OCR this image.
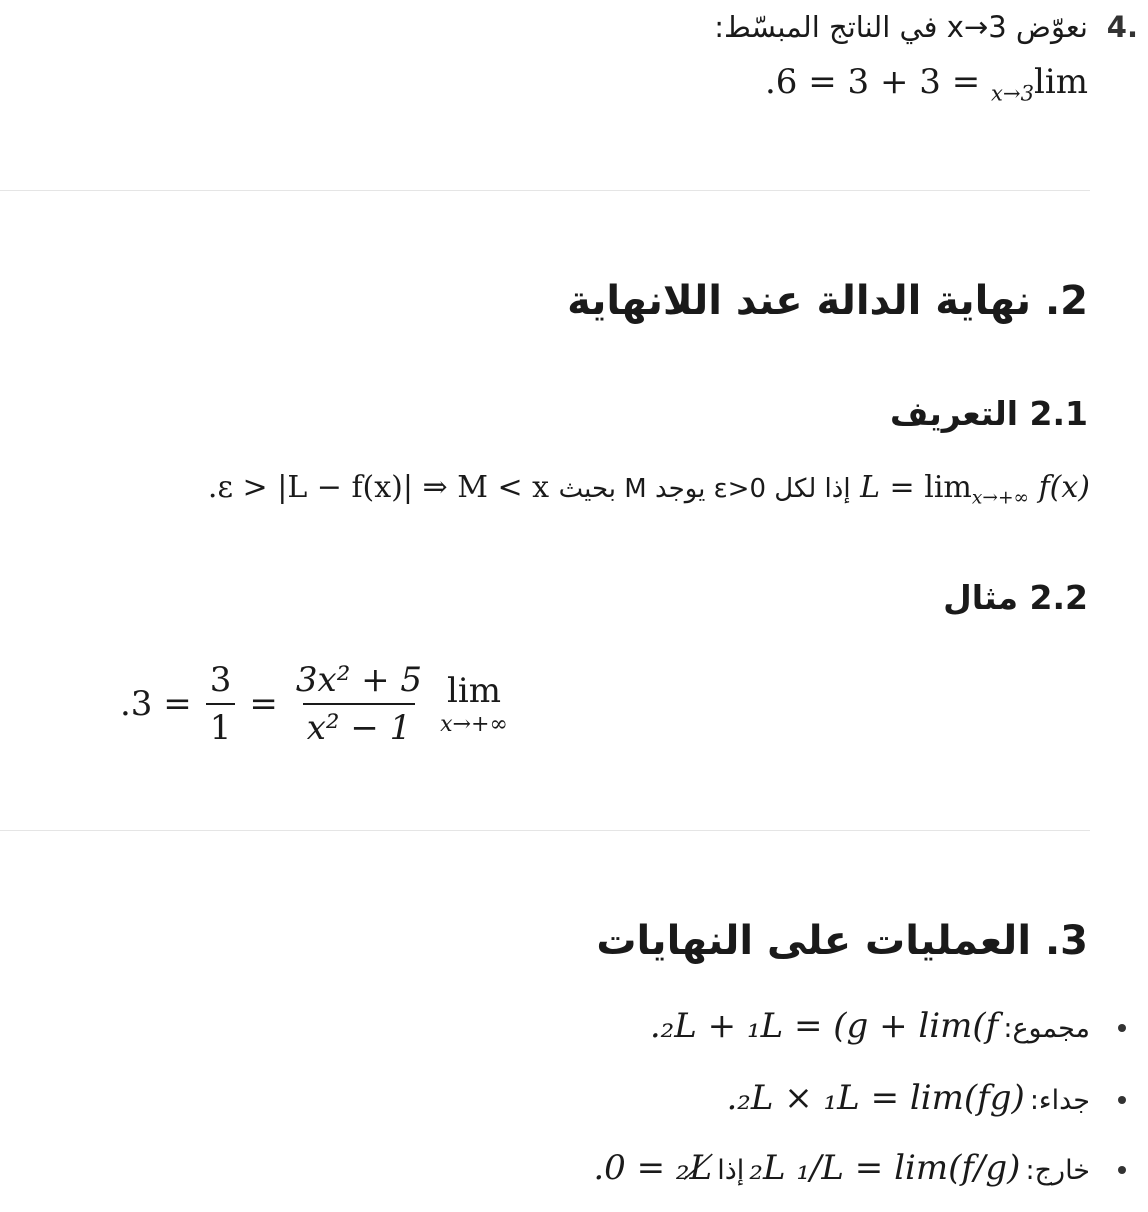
.4
نعوّض x→3 في الناتج المبسّط:
.6 = 3 + 3 = $_{x\to 3}$lim
2. نهاية الدالة عند اللانهاية
2.1 التعريف
f(x) $L = \lim_{x\to+\infty}$ إذا لكل ε>0 يوجد M بحيث .ε > |L − f(x)| ⇒ M < x
2.2 مثال
$.3 = \frac{3}{1} = \frac{\text{3x² + 5}}{\text{x² − 1}}$ lim
x→+∞
3. العمليات على النهايات
مجموع: .₂L + ₁L = (g + lim(f
جداء: .₂L × ₁L = lim(fg)
خارج: ₂L ₁/L = lim(f/g) إذا .0 = ₂L̸
